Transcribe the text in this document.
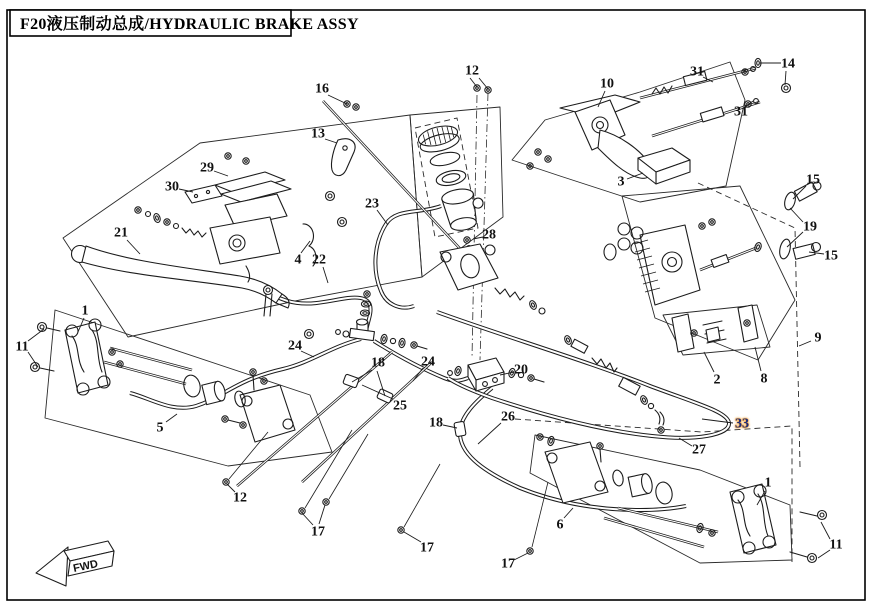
F20液压制动总成/HYDRAULIC BRAKE ASSY
FWD
16
12
10
31
14
31
13
3
29
30	15
23
28
19
15
4
21
22
11
1
2	8
9
24
18	24
20
25
5	18	26	33
27
12
17
17
6
1
17
11
